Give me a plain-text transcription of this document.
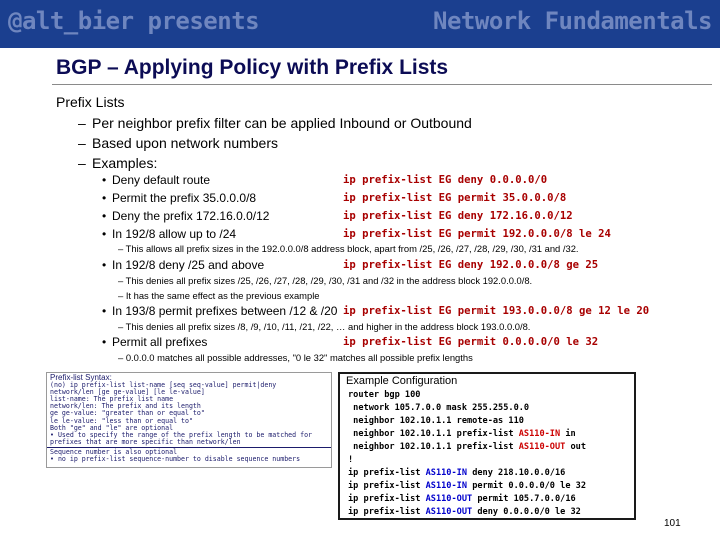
@alt_bier presents	Network Fundamentals
BGP – Applying Policy with Prefix Lists
Prefix Lists
– Per neighbor prefix filter can be applied Inbound or Outbound
– Based upon network numbers
– Examples:
• Deny default route	ip prefix-list EG deny 0.0.0.0/0
• Permit the prefix 35.0.0.0/8	ip prefix-list EG permit 35.0.0.0/8
• Deny the prefix 172.16.0.0/12	ip prefix-list EG deny 172.16.0.0/12
• In 192/8 allow up to /24	ip prefix-list EG permit 192.0.0.0/8 le 24
– This allows all prefix sizes in the 192.0.0.0/8 address block, apart from /25, /26, /27, /28, /29, /30, /31 and /32.
• In 192/8 deny /25 and above	ip prefix-list EG deny 192.0.0.0/8 ge 25
– This denies all prefix sizes /25, /26, /27, /28, /29, /30, /31 and /32 in the address block 192.0.0.0/8.
– It has the same effect as the previous example
• In 193/8 permit prefixes between /12 & /20 ip prefix-list EG permit 193.0.0.0/8 ge 12 le 20
– This denies all prefix sizes /8, /9, /10, /11, /21, /22, … and higher in the address block 193.0.0.0/8.
• Permit all prefixes	ip prefix-list EG permit 0.0.0.0/0 le 32
– 0.0.0.0 matches all possible addresses, "0 le 32" matches all possible prefix lengths
Prefix-list Syntax:
(no) ip prefix-list list-name [seq seq-value] permit|deny
network/len [ge ge-value] [le le-value]
list-name: The prefix list name
network/len: The prefix and its length
ge ge-value: "greater than or equal to"
le le-value: "less than or equal to"
Both "ge" and "le" are optional
• Used to specify the range of the prefix length to be matched for
prefixes that are more specific than network/len
Sequence number is also optional
• no ip prefix-list sequence-number to disable sequence numbers
Example Configuration
router bgp 100
network 105.7.0.0 mask 255.255.0.0
neighbor 102.10.1.1 remote-as 110
neighbor 102.10.1.1 prefix-list AS110-IN in
neighbor 102.10.1.1 prefix-list AS110-OUT out
!
ip prefix-list AS110-IN deny 218.10.0.0/16
ip prefix-list AS110-IN permit 0.0.0.0/0 le 32
ip prefix-list AS110-OUT permit 105.7.0.0/16
ip prefix-list AS110-OUT deny 0.0.0.0/0 le 32
101
